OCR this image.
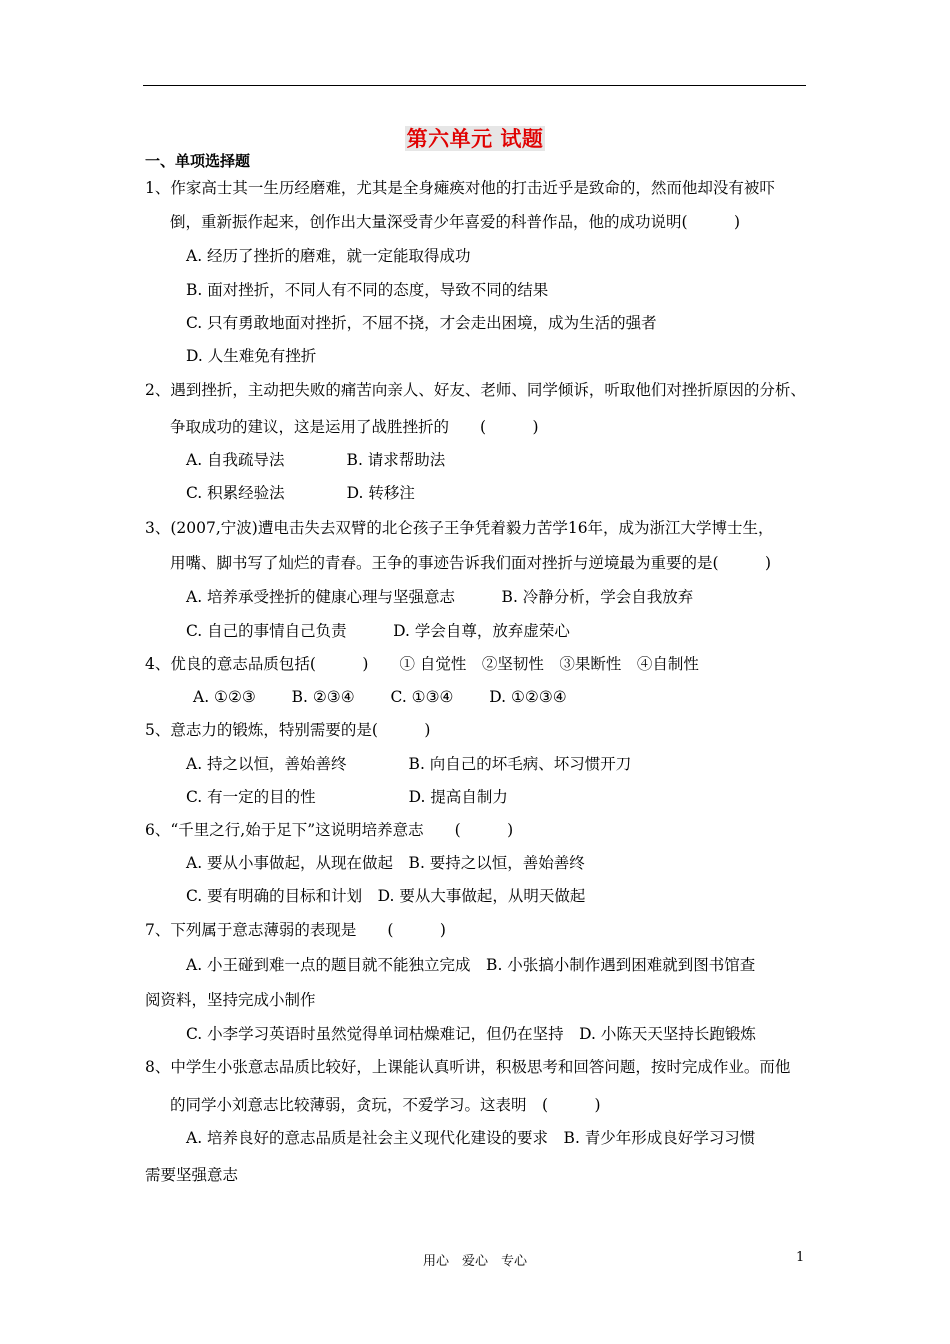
第六单元 试题
一、单项选择题
1、作家高士其一生历经磨难，尤其是全身瘫痪对他的打击近乎是致命的，然而他却没有被吓
倒，重新振作起来，创作出大量深受青少年喜爱的科普作品，他的成功说明(　　　)
A. 经历了挫折的磨难，就一定能取得成功
B. 面对挫折，不同人有不同的态度，导致不同的结果
C. 只有勇敢地面对挫折，不屈不挠，才会走出困境，成为生活的强者
D. 人生难免有挫折
2、遇到挫折，主动把失败的痛苦向亲人、好友、老师、同学倾诉，听取他们对挫折原因的分析、
争取成功的建议，这是运用了战胜挫折的　　(　　　)
A. 自我疏导法　　　　B. 请求帮助法
C. 积累经验法　　　　D. 转移注
3、(2007,宁波)遭电击失去双臂的北仑孩子王争凭着毅力苦学16年，成为浙江大学博士生，
用嘴、脚书写了灿烂的青春。王争的事迹告诉我们面对挫折与逆境最为重要的是(　　　)
A. 培养承受挫折的健康心理与坚强意志　　　B. 冷静分析，学会自我放弃
C. 自己的事情自己负责　　　D. 学会自尊，放弃虚荣心
4、优良的意志品质包括(　　　)　　① 自觉性　②坚韧性　③果断性　④自制性
A. ①②③　　 B. ②③④　　 C. ①③④　　 D. ①②③④
5、意志力的锻炼，特别需要的是(　　　)
A. 持之以恒，善始善终　　　　B. 向自己的坏毛病、坏习惯开刀
C. 有一定的目的性　　　　　　D. 提高自制力
6、“千里之行,始于足下”这说明培养意志　　(　　　)
A. 要从小事做起，从现在做起　B. 要持之以恒，善始善终
C. 要有明确的目标和计划　D. 要从大事做起，从明天做起
7、下列属于意志薄弱的表现是　　(　　　)
A. 小王碰到难一点的题目就不能独立完成　B. 小张搞小制作遇到困难就到图书馆查
阅资料，坚持完成小制作
C. 小李学习英语时虽然觉得单词枯燥难记，但仍在坚持　D. 小陈天天坚持长跑锻炼
8、中学生小张意志品质比较好，上课能认真听讲，积极思考和回答问题，按时完成作业。而他
的同学小刘意志比较薄弱，贪玩，不爱学习。这表明　(　　　)
A. 培养良好的意志品质是社会主义现代化建设的要求　B. 青少年形成良好学习习惯
需要坚强意志
用心　爱心　专心	1
